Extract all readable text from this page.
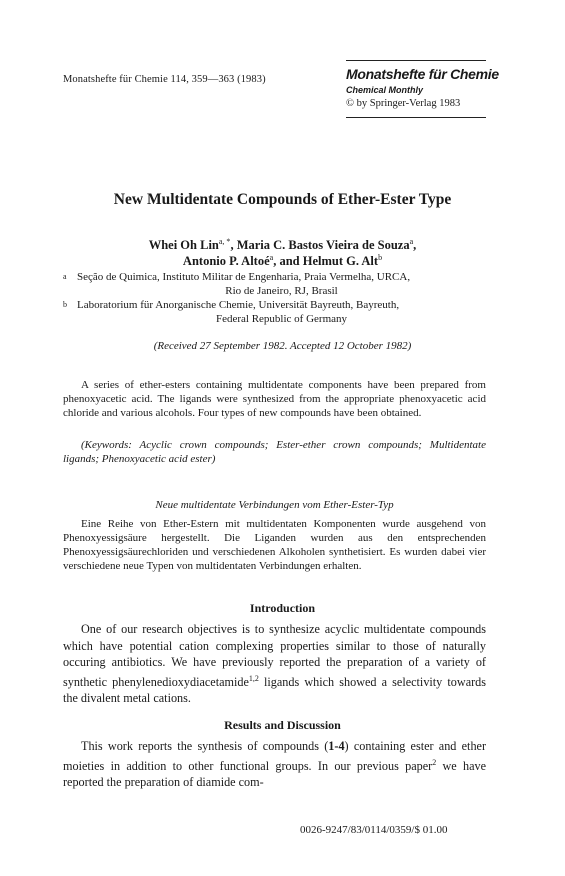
Monatshefte für Chemie 114, 359—363 (1983)	Monatshefte für Chemie
Chemical Monthly
© by Springer-Verlag 1983
New Multidentate Compounds of Ether-Ester Type
Whei Oh Lin$^{a, *}$, Maria C. Bastos Vieira de Souza$^a$,
Antonio P. Altoé$^a$, and Helmut G. Alt$^b$
a Seção de Quimica, Instituto Militar de Engenharia, Praia Vermelha, URCA,
Rio de Janeiro, RJ, Brasil
b Laboratorium für Anorganische Chemie, Universität Bayreuth, Bayreuth,
Federal Republic of Germany
(Received 27 September 1982. Accepted 12 October 1982)

A series of ether-esters containing multidentate components have been prepared from phenoxyacetic acid. The ligands were synthesized from the appropriate phenoxyacetic acid chloride and various alcohols. Four types of new compounds have been obtained.

(Keywords: Acyclic crown compounds; Ester-ether crown compounds; Multidentate ligands; Phenoxyacetic acid ester)

Neue multidentate Verbindungen vom Ether-Ester-Typ

Eine Reihe von Ether-Estern mit multidentaten Komponenten wurde ausgehend von Phenoxyessigsäure hergestellt. Die Liganden wurden aus den entsprechenden Phenoxyessigsäurechloriden und verschiedenen Alkoholen synthetisiert. Es wurden dabei vier verschiedene neue Typen von multidentaten Verbindungen erhalten.

Introduction

One of our research objectives is to synthesize acyclic multidentate compounds which have potential cation complexing properties similar to those of naturally occuring antibiotics. We have previously reported the preparation of a variety of synthetic phenylenedioxydiacetamide$^{1,2}$ ligands which showed a selectivity towards the divalent metal cations.

Results and Discussion

This work reports the synthesis of compounds (1-4) containing ester and ether moieties in addition to other functional groups. In our previous paper$^2$ we have reported the preparation of diamide com-

0026-9247/83/0114/0359/$ 01.00
